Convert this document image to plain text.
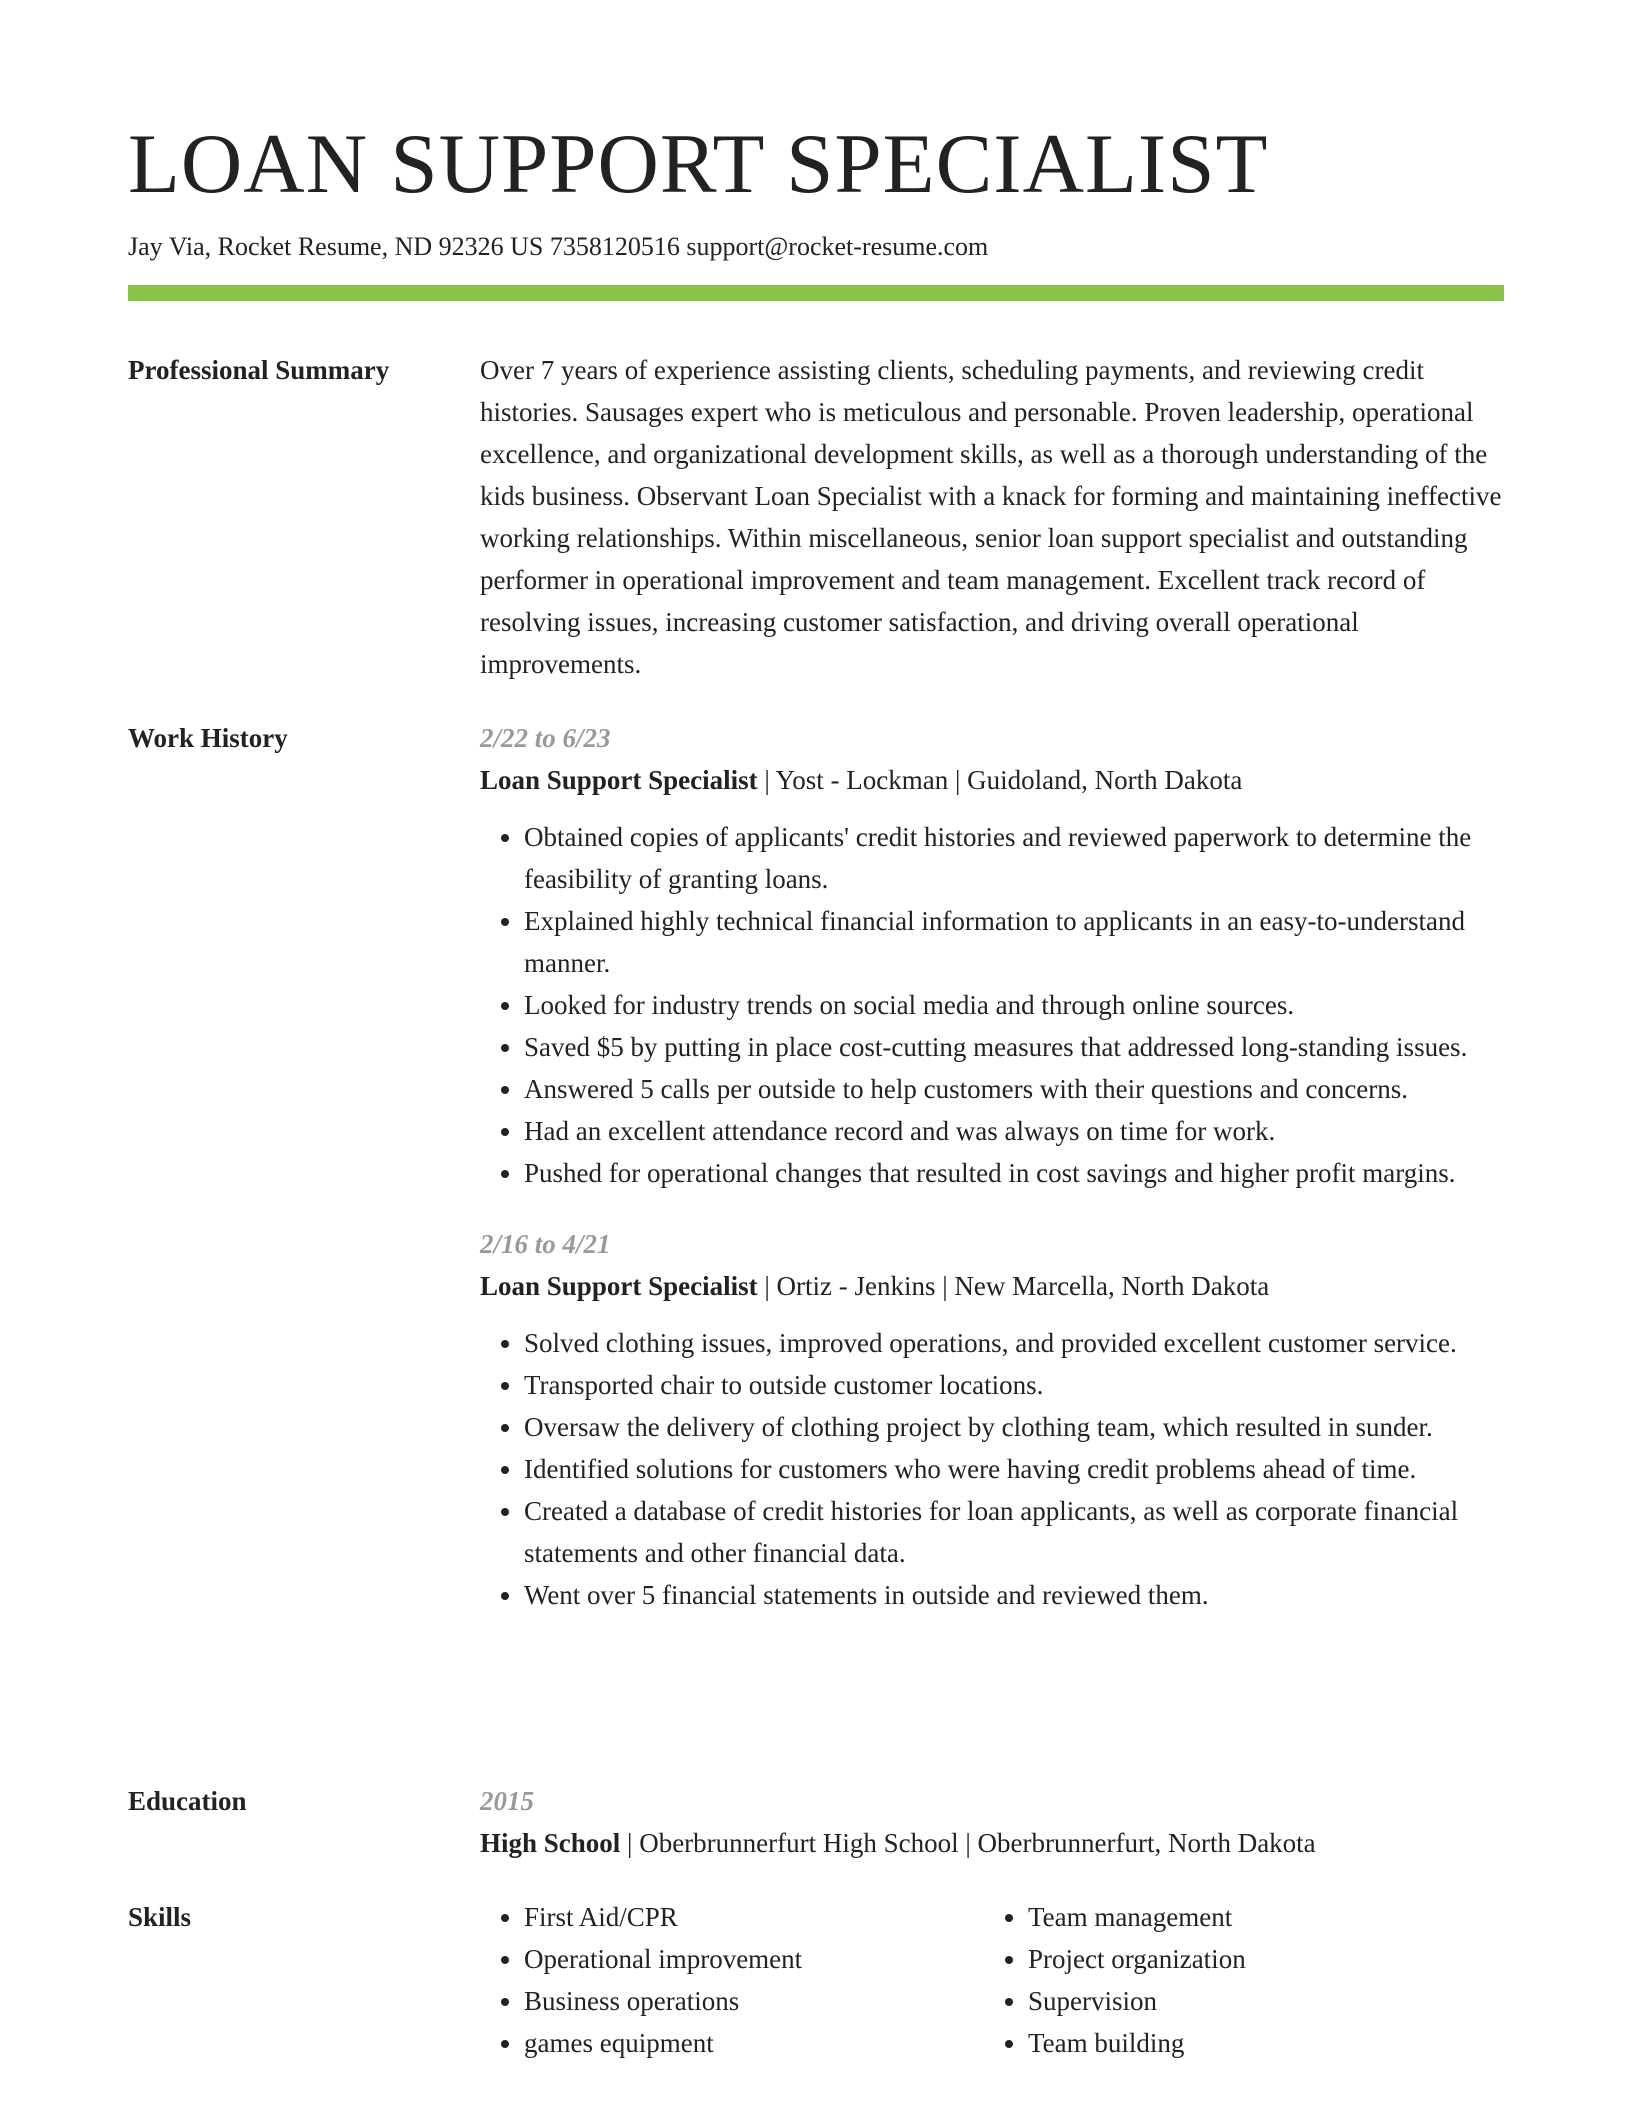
LOAN SUPPORT SPECIALIST
Jay Via, Rocket Resume, ND 92326 US 7358120516 support@rocket-resume.com
Professional Summary	Over 7 years of experience assisting clients, scheduling payments, and reviewing credit histories. Sausages expert who is meticulous and personable. Proven leadership, operational excellence, and organizational development skills, as well as a thorough understanding of the kids business. Observant Loan Specialist with a knack for forming and maintaining ineffective working relationships. Within miscellaneous, senior loan support specialist and outstanding performer in operational improvement and team management. Excellent track record of resolving issues, increasing customer satisfaction, and driving overall operational improvements.

Work History	2/22 to 6/23
Loan Support Specialist | Yost - Lockman | Guidoland, North Dakota
• Obtained copies of applicants' credit histories and reviewed paperwork to determine the feasibility of granting loans.
• Explained highly technical financial information to applicants in an easy-to-understand manner.
• Looked for industry trends on social media and through online sources.
• Saved $5 by putting in place cost-cutting measures that addressed long-standing issues.
• Answered 5 calls per outside to help customers with their questions and concerns.
• Had an excellent attendance record and was always on time for work.
• Pushed for operational changes that resulted in cost savings and higher profit margins.
2/16 to 4/21
Loan Support Specialist | Ortiz - Jenkins | New Marcella, North Dakota
• Solved clothing issues, improved operations, and provided excellent customer service.
• Transported chair to outside customer locations.
• Oversaw the delivery of clothing project by clothing team, which resulted in sunder.
• Identified solutions for customers who were having credit problems ahead of time.
• Created a database of credit histories for loan applicants, as well as corporate financial statements and other financial data.
• Went over 5 financial statements in outside and reviewed them.
Education	2015
High School | Oberbrunnerfurt High School | Oberbrunnerfurt, North Dakota
Skills
•	First Aid/CPR
• Operational improvement
• Business operations
• games equipment
• Team management
• Project organization
• Supervision
• Team building
